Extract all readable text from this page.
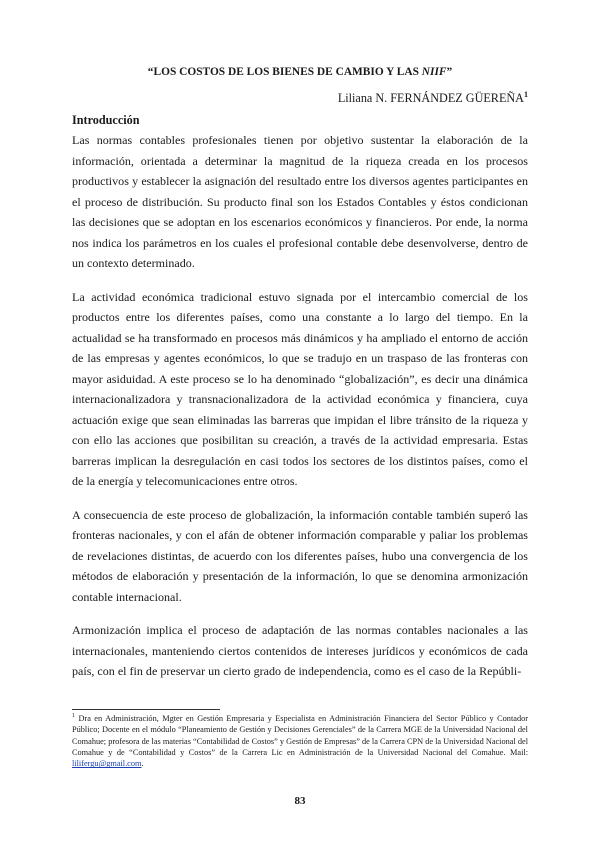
“LOS COSTOS DE LOS BIENES DE CAMBIO Y LAS NIIF”
Liliana N. FERNÁNDEZ GÜEREÑA$^1$
Introducción

Las normas contables profesionales tienen por objetivo sustentar la elaboración de la información, orientada a determinar la magnitud de la riqueza creada en los procesos productivos y establecer la asignación del resultado entre los diversos agentes participantes en el proceso de distribución. Su producto final son los Estados Contables y éstos condicionan las decisiones que se adoptan en los escenarios económicos y financieros. Por ende, la norma nos indica los parámetros en los cuales el profesional contable debe desenvolverse, dentro de un contexto determinado.

La actividad económica tradicional estuvo signada por el intercambio comercial de los productos entre los diferentes países, como una constante a lo largo del tiempo. En la actualidad se ha transformado en procesos más dinámicos y ha ampliado el entorno de acción de las empresas y agentes económicos, lo que se tradujo en un traspaso de las fronteras con mayor asiduidad. A este proceso se lo ha denominado “globalización”, es decir una dinámica internacionalizadora y transnacionalizadora de la actividad económica y financiera, cuya actuación exige que sean eliminadas las barreras que impidan el libre tránsito de la riqueza y con ello las acciones que posibilitan su creación, a través de la actividad empresaria. Estas barreras implican la desregulación en casi todos los sectores de los distintos países, como el de la energía y telecomunicaciones entre otros.

A consecuencia de este proceso de globalización, la información contable también superó las fronteras nacionales, y con el afán de obtener información comparable y paliar los problemas de revelaciones distintas, de acuerdo con los diferentes países, hubo una convergencia de los métodos de elaboración y presentación de la información, lo que se denomina armonización contable internacional.

Armonización implica el proceso de adaptación de las normas contables nacionales a las internacionales, manteniendo ciertos contenidos de intereses jurídicos y económicos de cada país, con el fin de preservar un cierto grado de independencia, como es el caso de la Repúbli-

$^1$ Dra en Administración, Mgter en Gestión Empresaria y Especialista en Administración Financiera del Sector Público y Contador Público; Docente en el módulo “Planeamiento de Gestión y Decisiones Gerenciales” de la Carrera MGE de la Universidad Nacional del Comahue; profesora de las materias “Contabilidad de Costos” y Gestión de Empresas” de la Carrera CPN de la Universidad Nacional del Comahue y de “Contabilidad y Costos” de la Carrera Lic en Administración de la Universidad Nacional del Comahue. Mail: lilifergu@gmail.com.
83
